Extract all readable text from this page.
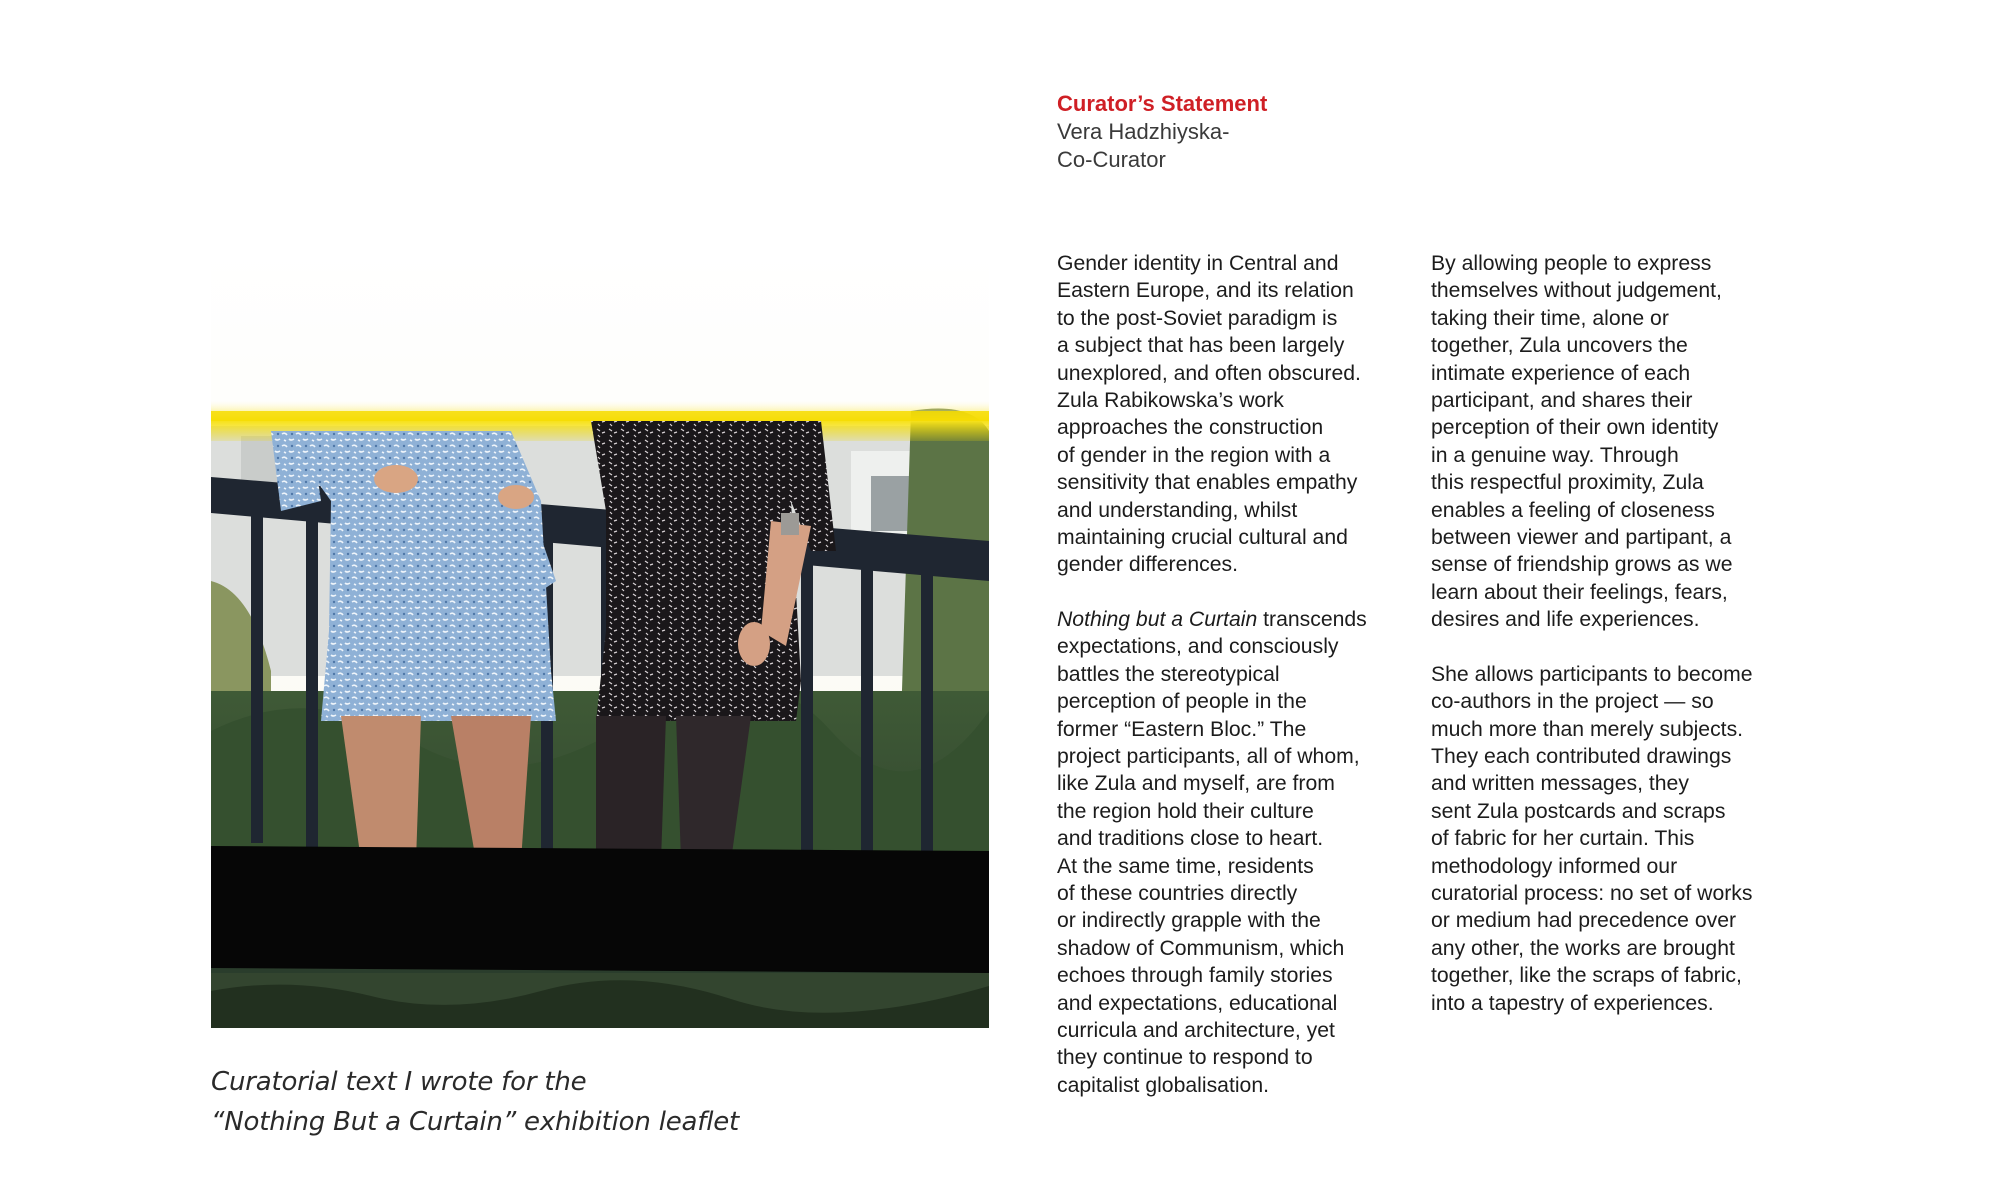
Curatorial text I wrote for the
“Nothing But a Curtain” exhibition leaflet
Curator’s Statement
Vera Hadzhiyska-
Co-Curator
Gender identity in Central and
Eastern Europe, and its relation
to the post-Soviet paradigm is
a subject that has been largely
unexplored, and often obscured.
Zula Rabikowska’s work
approaches the construction
of gender in the region with a
sensitivity that enables empathy
and understanding, whilst
maintaining crucial cultural and
gender differences.
Nothing but a Curtain transcends
expectations, and consciously
battles the stereotypical
perception of people in the
former “Eastern Bloc.” The
project participants, all of whom,
like Zula and myself, are from
the region hold their culture
and traditions close to heart.
At the same time, residents
of these countries directly
or indirectly grapple with the
shadow of Communism, which
echoes through family stories
and expectations, educational
curricula and architecture, yet
they continue to respond to
capitalist globalisation.
By allowing people to express
themselves without judgement,
taking their time, alone or
together, Zula uncovers the
intimate experience of each
participant, and shares their
perception of their own identity
in a genuine way. Through
this respectful proximity, Zula
enables a feeling of closeness
between viewer and partipant, a
sense of friendship grows as we
learn about their feelings, fears,
desires and life experiences.
She allows participants to become
co-authors in the project — so
much more than merely subjects.
They each contributed drawings
and written messages, they
sent Zula postcards and scraps
of fabric for her curtain. This
methodology informed our
curatorial process: no set of works
or medium had precedence over
any other, the works are brought
together, like the scraps of fabric,
into a tapestry of experiences.
